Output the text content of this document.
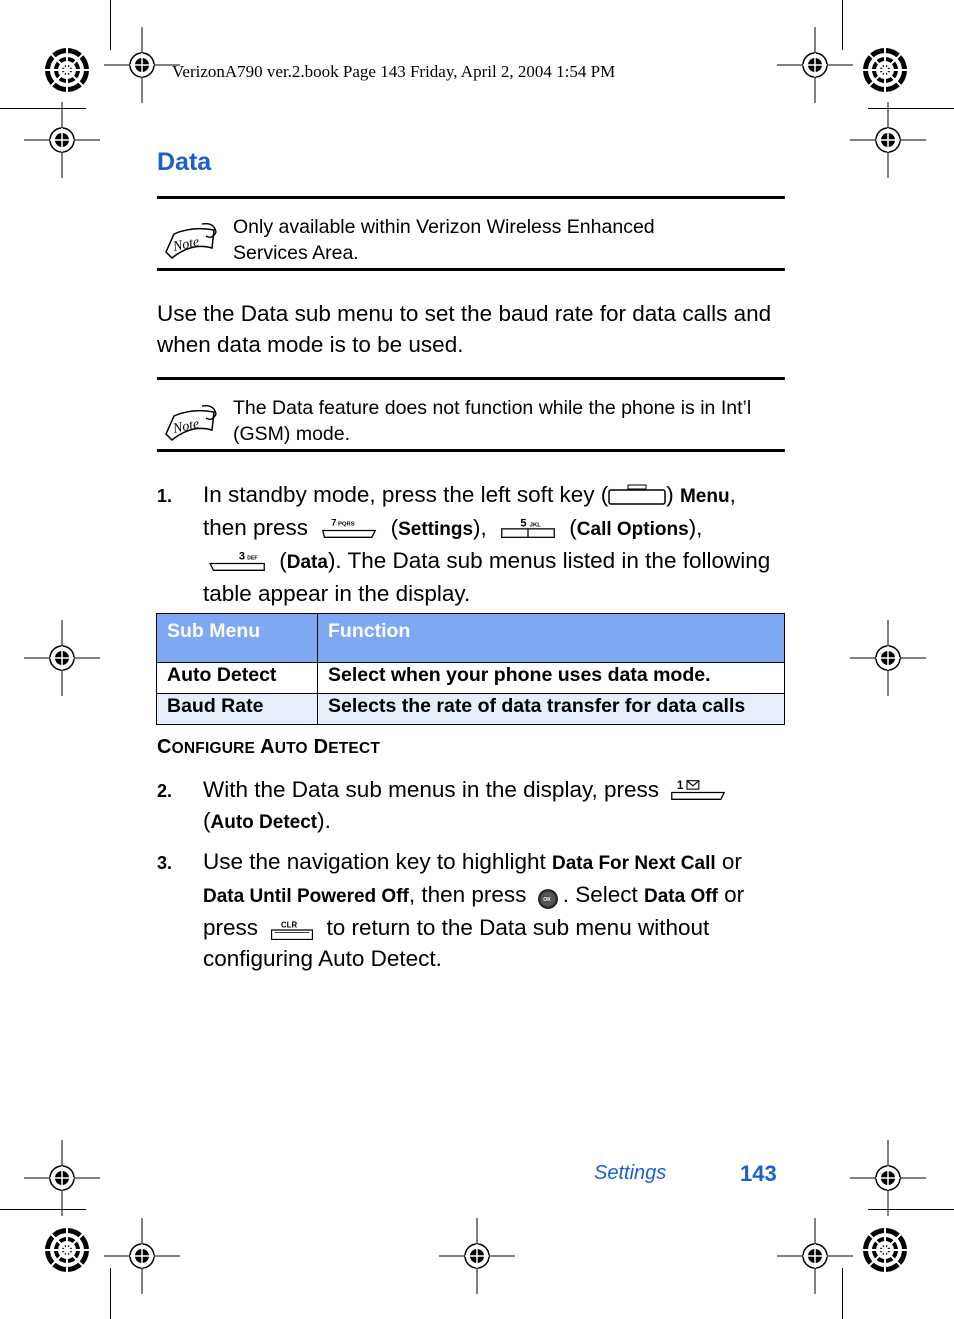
VerizonA790 ver.2.book Page 143 Friday, April 2, 2004 1:54 PM
Data
Note
Only available within Verizon Wireless Enhanced Services Area.
Use the Data sub menu to set the baud rate for data calls and when data mode is to be used.
Note
The Data feature does not function while the phone is in Int’l (GSM) mode.
1. In standby mode, press the left soft key (	) Menu,
then press 7 PQRS (Settings), 5 JKL (Call Options),
3 DEF (Data). The Data sub menus listed in the following table appear in the display.
Sub Menu	Function
Auto Detect	Select when your phone uses data mode.
Baud Rate	Selects the rate of data transfer for data calls
CONFIGURE AUTO DETECT
2. With the Data sub menus in the display, press 1
(Auto Detect).
3. Use the navigation key to highlight Data For Next Call or
Data Until Powered Off, then press OK . Select Data Off or
press CLR to return to the Data sub menu without configuring Auto Detect.
Settings	143
